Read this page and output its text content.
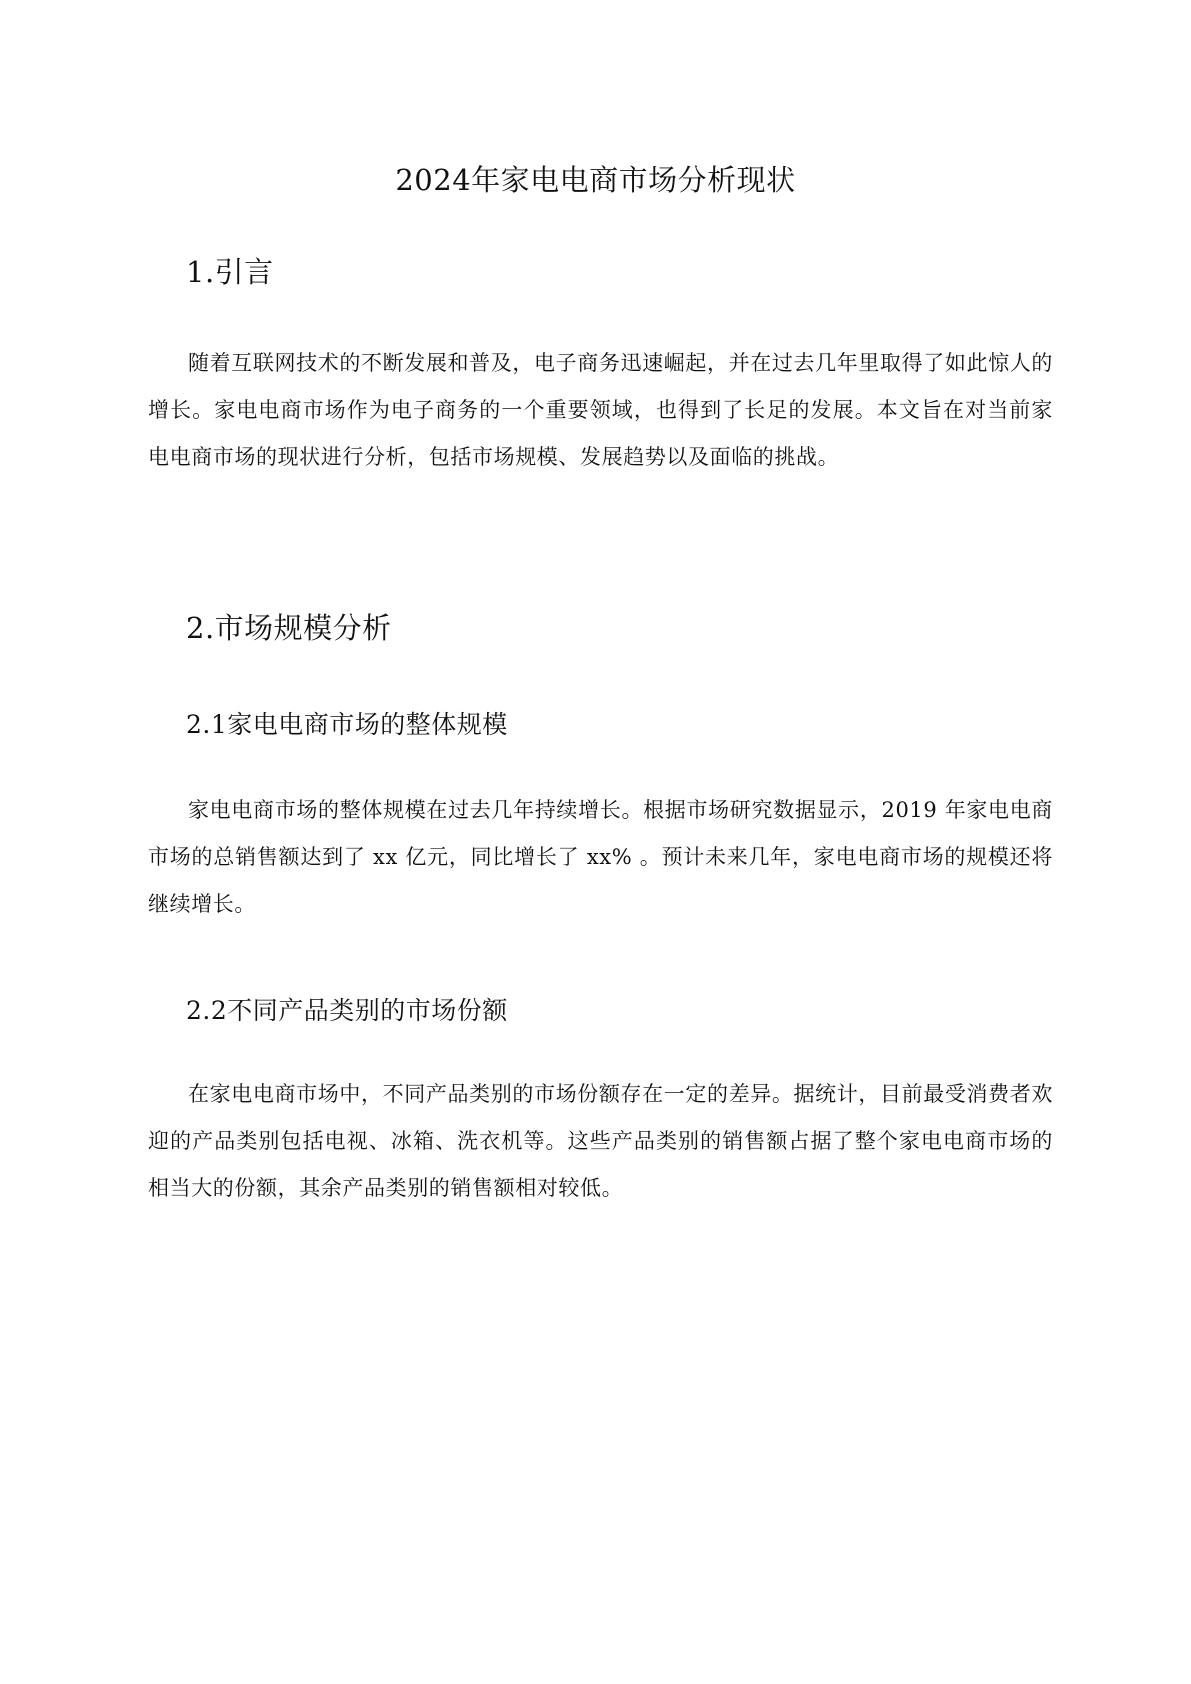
2024年家电电商市场分析现状
1.引言

随着互联网技术的不断发展和普及，电子商务迅速崛起，并在过去几年里取得了如此惊人的增长。家电电商市场作为电子商务的一个重要领域，也得到了长足的发展。本文旨在对当前家电电商市场的现状进行分析，包括市场规模、发展趋势以及面临的挑战。

2.市场规模分析
2.1家电电商市场的整体规模

家电电商市场的整体规模在过去几年持续增长。根据市场研究数据显示，2019 年家电电商市场的总销售额达到了 xx 亿元，同比增长了 xx% 。预计未来几年，家电电商市场的规模还将继续增长。

2.2不同产品类别的市场份额

在家电电商市场中，不同产品类别的市场份额存在一定的差异。据统计，目前最受消费者欢迎的产品类别包括电视、冰箱、洗衣机等。这些产品类别的销售额占据了整个家电电商市场的相当大的份额，其余产品类别的销售额相对较低。
